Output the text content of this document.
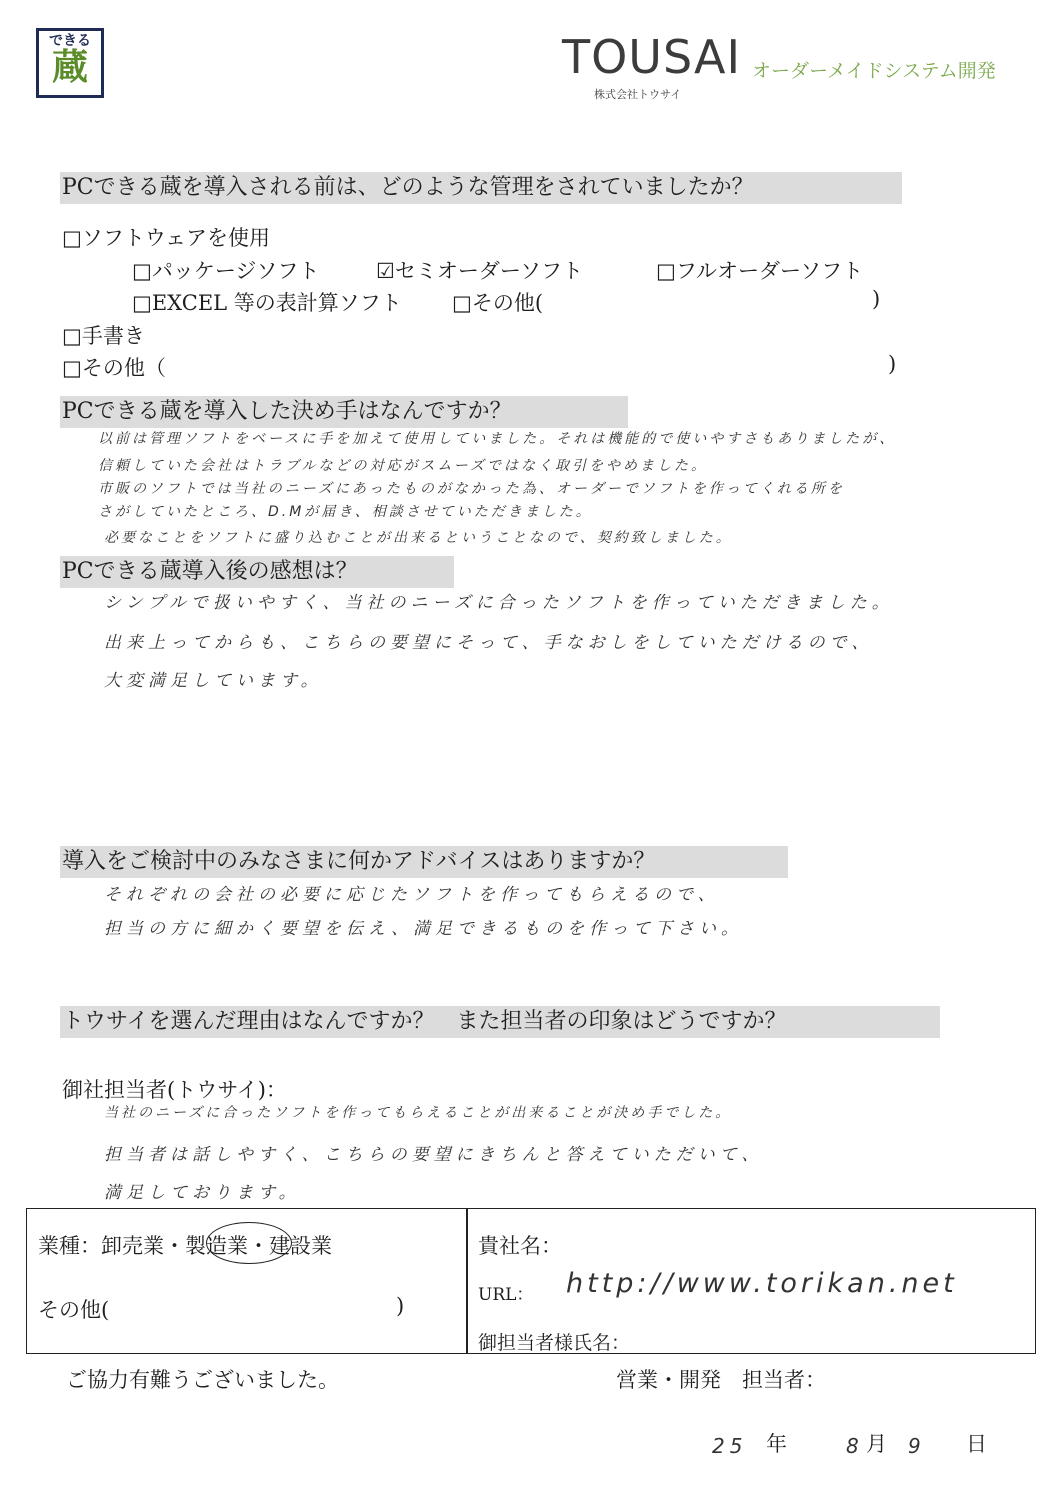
できる
蔵	TOUSAI オーダーメイドシステム開発
株式会社トウサイ
PCできる蔵を導入される前は、どのような管理をされていましたか？
□ソフトウェアを使用
□パッケージソフト	☑セミオーダーソフト	□フルオーダーソフト
□EXCEL 等の表計算ソフト □その他(	)
□手書き
□その他（	)
PCできる蔵を導入した決め手はなんですか？
以前は管理ソフトをベースに手を加えて使用していました。それは機能的で使いやすさもありましたが、
信頼していた会社はトラブルなどの対応がスムーズではなく取引をやめました。
市販のソフトでは当社のニーズにあったものがなかった為、オーダーでソフトを作ってくれる所を
さがしていたところ、D.Mが届き、相談させていただきました。
必要なことをソフトに盛り込むことが出来るということなので、契約致しました。
PCできる蔵導入後の感想は？
シンプルで扱いやすく、当社のニーズに合ったソフトを作っていただきました。
出来上ってからも、こちらの要望にそって、手なおしをしていただけるので、
大変満足しています。
導入をご検討中のみなさまに何かアドバイスはありますか？
それぞれの会社の必要に応じたソフトを作ってもらえるので、
担当の方に細かく要望を伝え、満足できるものを作って下さい。
トウサイを選んだ理由はなんですか？　また担当者の印象はどうですか？
御社担当者(トウサイ)：
当社のニーズに合ったソフトを作ってもらえることが出来ることが決め手でした。
担当者は話しやすく、こちらの要望にきちんと答えていただいて、
満足しております。
業種：卸売業・製造業・建設業
その他(	)
貴社名：
URL： http://www.torikan.net
御担当者様氏名：
ご協力有難うございました。	営業・開発　担当者：
25 年	8 月 9 日
